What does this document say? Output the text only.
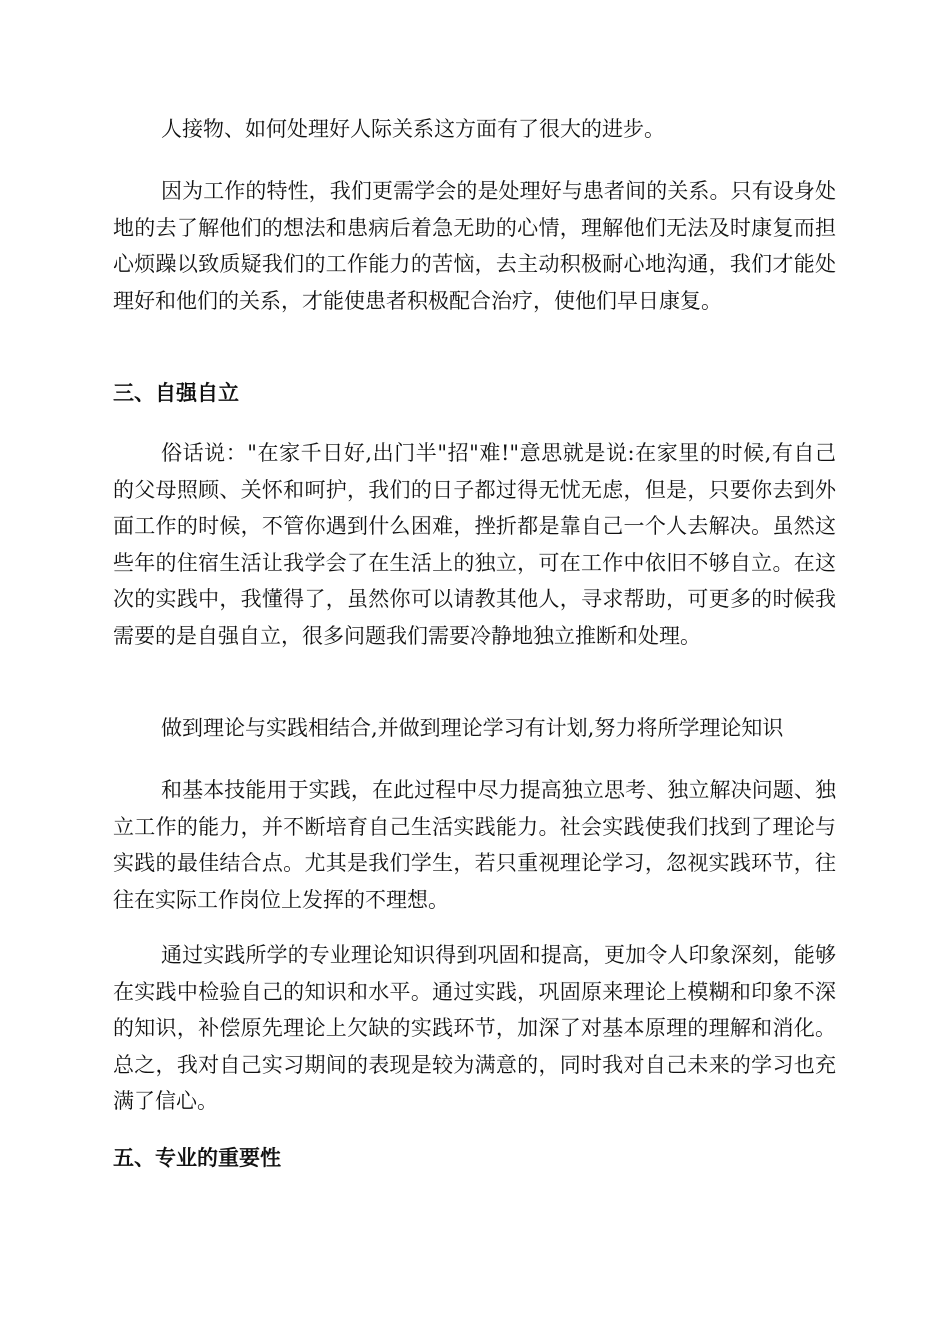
人接物、如何处理好人际关系这方面有了很大的进步。

因为工作的特性，我们更需学会的是处理好与患者间的关系。只有设身处地的去了解他们的想法和患病后着急无助的心情，理解他们无法及时康复而担心烦躁以致质疑我们的工作能力的苦恼，去主动积极耐心地沟通，我们才能处理好和他们的关系，才能使患者积极配合治疗，使他们早日康复。

三、自强自立

俗话说："在家千日好,出门半"招"难!"意思就是说:在家里的时候,有自己的父母照顾、关怀和呵护，我们的日子都过得无忧无虑，但是，只要你去到外面工作的时候，不管你遇到什么困难，挫折都是靠自己一个人去解决。虽然这些年的住宿生活让我学会了在生活上的独立，可在工作中依旧不够自立。在这次的实践中，我懂得了，虽然你可以请教其他人，寻求帮助，可更多的时候我需要的是自强自立，很多问题我们需要冷静地独立推断和处理。

做到理论与实践相结合,并做到理论学习有计划,努力将所学理论知识

和基本技能用于实践，在此过程中尽力提高独立思考、独立解决问题、独立工作的能力，并不断培育自己生活实践能力。社会实践使我们找到了理论与实践的最佳结合点。尤其是我们学生，若只重视理论学习，忽视实践环节，往往在实际工作岗位上发挥的不理想。

通过实践所学的专业理论知识得到巩固和提高，更加令人印象深刻，能够在实践中检验自己的知识和水平。通过实践，巩固原来理论上模糊和印象不深的知识，补偿原先理论上欠缺的实践环节，加深了对基本原理的理解和消化。总之，我对自己实习期间的表现是较为满意的，同时我对自己未来的学习也充满了信心。

五、专业的重要性
